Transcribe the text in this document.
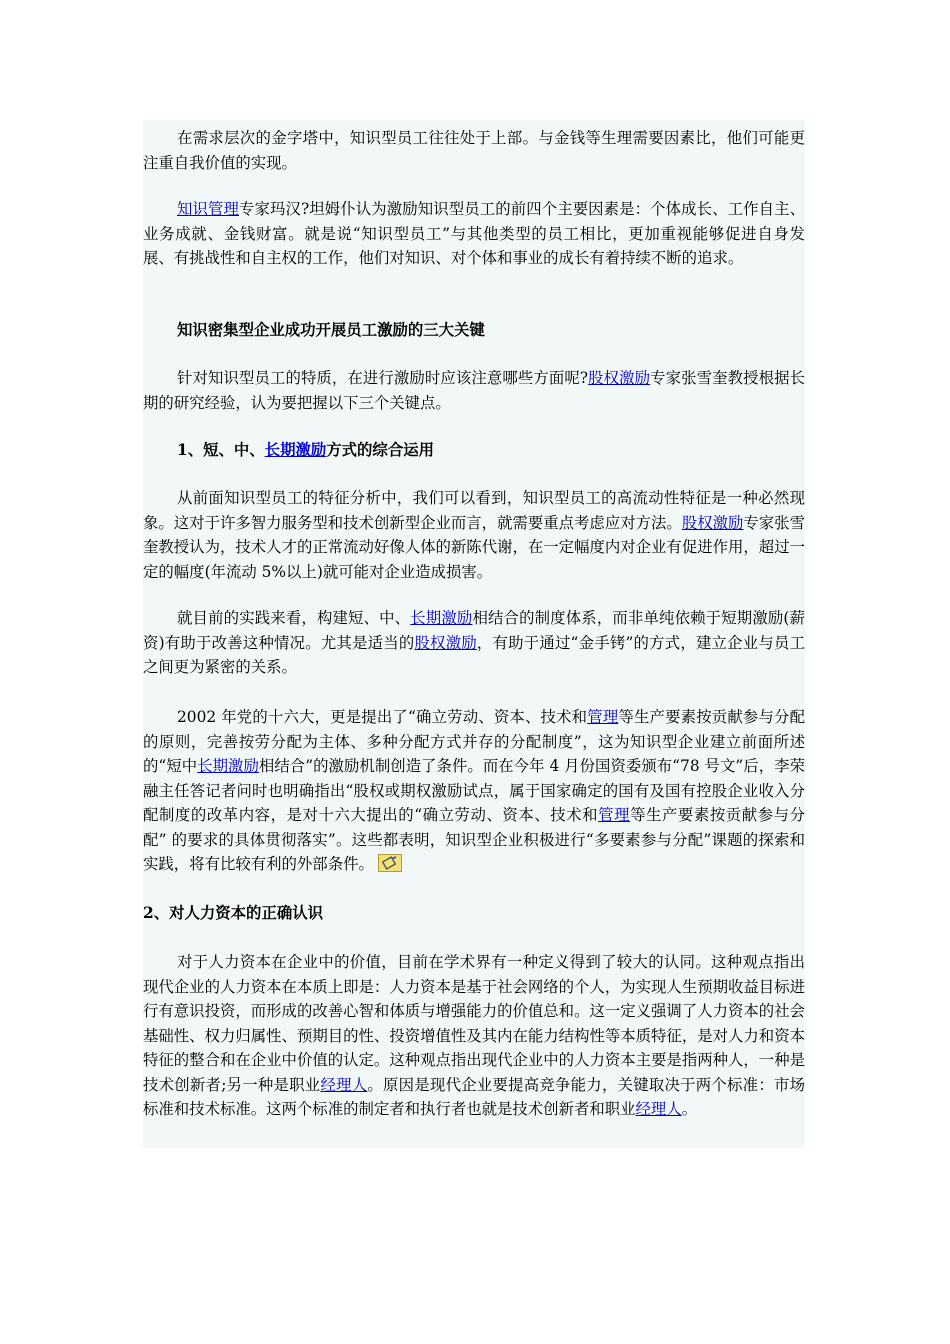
在需求层次的金字塔中，知识型员工往往处于上部。与金钱等生理需要因素比，他们可能更注重自我价值的实现。

知识管理专家玛汉?坦姆仆认为激励知识型员工的前四个主要因素是：个体成长、工作自主、业务成就、金钱财富。就是说“知识型员工”与其他类型的员工相比，更加重视能够促进自身发展、有挑战性和自主权的工作，他们对知识、对个体和事业的成长有着持续不断的追求。

知识密集型企业成功开展员工激励的三大关键

针对知识型员工的特质，在进行激励时应该注意哪些方面呢?股权激励专家张雪奎教授根据长期的研究经验，认为要把握以下三个关键点。

1、短、中、长期激励方式的综合运用

从前面知识型员工的特征分析中，我们可以看到，知识型员工的高流动性特征是一种必然现象。这对于许多智力服务型和技术创新型企业而言，就需要重点考虑应对方法。股权激励专家张雪奎教授认为，技术人才的正常流动好像人体的新陈代谢，在一定幅度内对企业有促进作用，超过一定的幅度(年流动 5%以上)就可能对企业造成损害。

就目前的实践来看，构建短、中、长期激励相结合的制度体系，而非单纯依赖于短期激励(薪资)有助于改善这种情况。尤其是适当的股权激励，有助于通过“金手铐”的方式，建立企业与员工之间更为紧密的关系。

2002 年党的十六大，更是提出了“确立劳动、资本、技术和管理等生产要素按贡献参与分配的原则，完善按劳分配为主体、多种分配方式并存的分配制度”，这为知识型企业建立前面所述的“短中长期激励相结合”的激励机制创造了条件。而在今年 4 月份国资委颁布“78 号文”后，李荣融主任答记者问时也明确指出“股权或期权激励试点，属于国家确定的国有及国有控股企业收入分配制度的改革内容，是对十六大提出的“确立劳动、资本、技术和管理等生产要素按贡献参与分配” 的要求的具体贯彻落实”。这些都表明，知识型企业积极进行“多要素参与分配”课题的探索和实践，将有比较有利的外部条件。

2、对人力资本的正确认识

对于人力资本在企业中的价值，目前在学术界有一种定义得到了较大的认同。这种观点指出现代企业的人力资本在本质上即是：人力资本是基于社会网络的个人，为实现人生预期收益目标进行有意识投资，而形成的改善心智和体质与增强能力的价值总和。这一定义强调了人力资本的社会基础性、权力归属性、预期目的性、投资增值性及其内在能力结构性等本质特征，是对人力和资本特征的整合和在企业中价值的认定。这种观点指出现代企业中的人力资本主要是指两种人，一种是技术创新者;另一种是职业经理人。原因是现代企业要提高竞争能力，关键取决于两个标准：市场标准和技术标准。这两个标准的制定者和执行者也就是技术创新者和职业经理人。
